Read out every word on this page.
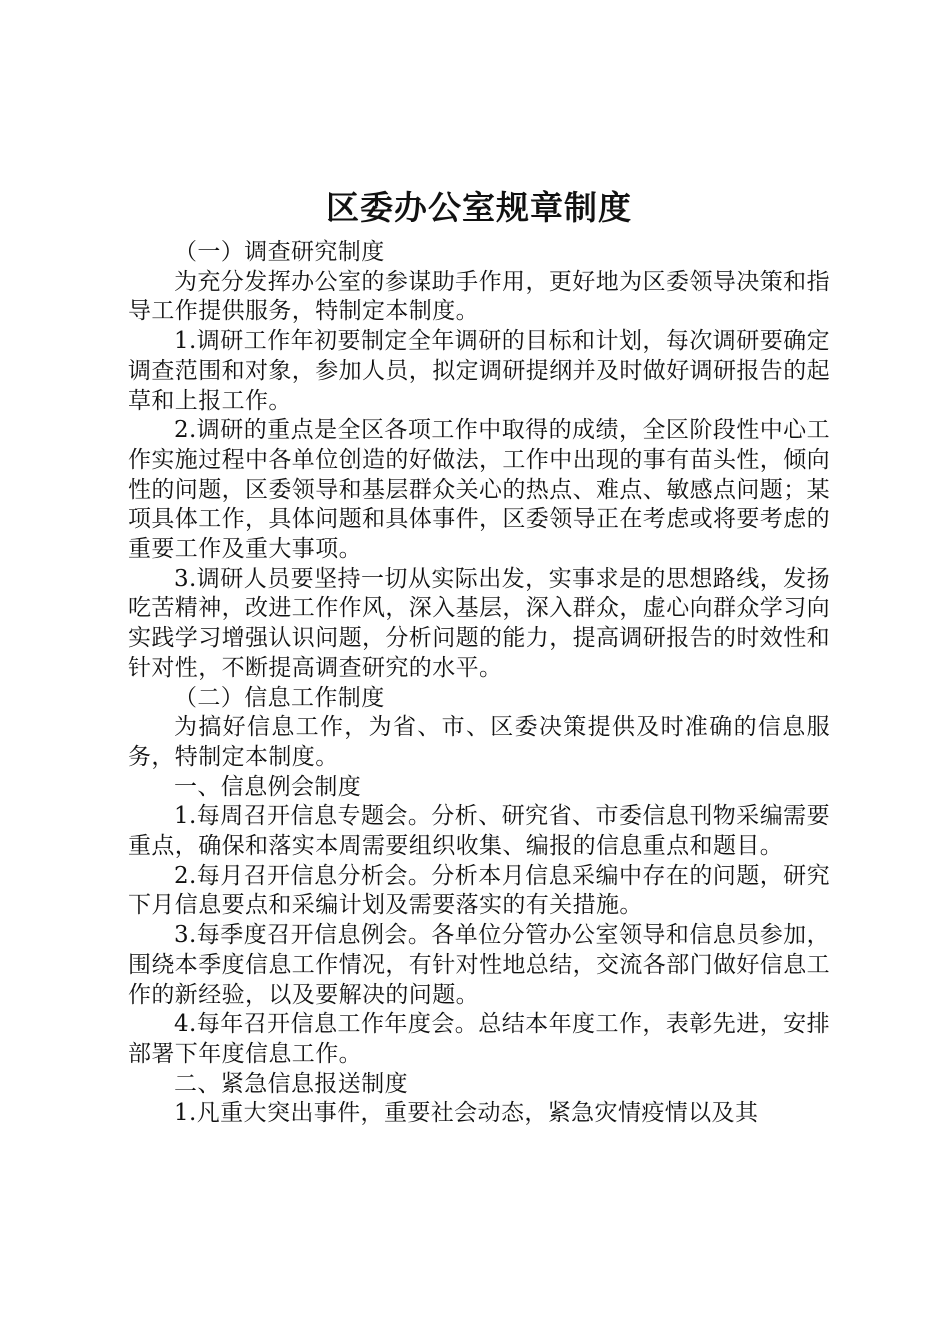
区委办公室规章制度

（一）调查研究制度

为充分发挥办公室的参谋助手作用，更好地为区委领导决策和指导工作提供服务，特制定本制度。

1.调研工作年初要制定全年调研的目标和计划，每次调研要确定调查范围和对象，参加人员，拟定调研提纲并及时做好调研报告的起草和上报工作。

2.调研的重点是全区各项工作中取得的成绩，全区阶段性中心工作实施过程中各单位创造的好做法，工作中出现的事有苗头性，倾向性的问题，区委领导和基层群众关心的热点、难点、敏感点问题；某项具体工作，具体问题和具体事件，区委领导正在考虑或将要考虑的重要工作及重大事项。

3.调研人员要坚持一切从实际出发，实事求是的思想路线，发扬吃苦精神，改进工作作风，深入基层，深入群众，虚心向群众学习向实践学习增强认识问题，分析问题的能力，提高调研报告的时效性和针对性，不断提高调查研究的水平。

（二）信息工作制度

为搞好信息工作，为省、市、区委决策提供及时准确的信息服务，特制定本制度。

一、信息例会制度

1.每周召开信息专题会。分析、研究省、市委信息刊物采编需要重点，确保和落实本周需要组织收集、编报的信息重点和题目。

2.每月召开信息分析会。分析本月信息采编中存在的问题，研究下月信息要点和采编计划及需要落实的有关措施。

3.每季度召开信息例会。各单位分管办公室领导和信息员参加，围绕本季度信息工作情况，有针对性地总结，交流各部门做好信息工作的新经验，以及要解决的问题。

4.每年召开信息工作年度会。总结本年度工作，表彰先进，安排部署下年度信息工作。

二、紧急信息报送制度

1.凡重大突出事件，重要社会动态，紧急灾情疫情以及其
